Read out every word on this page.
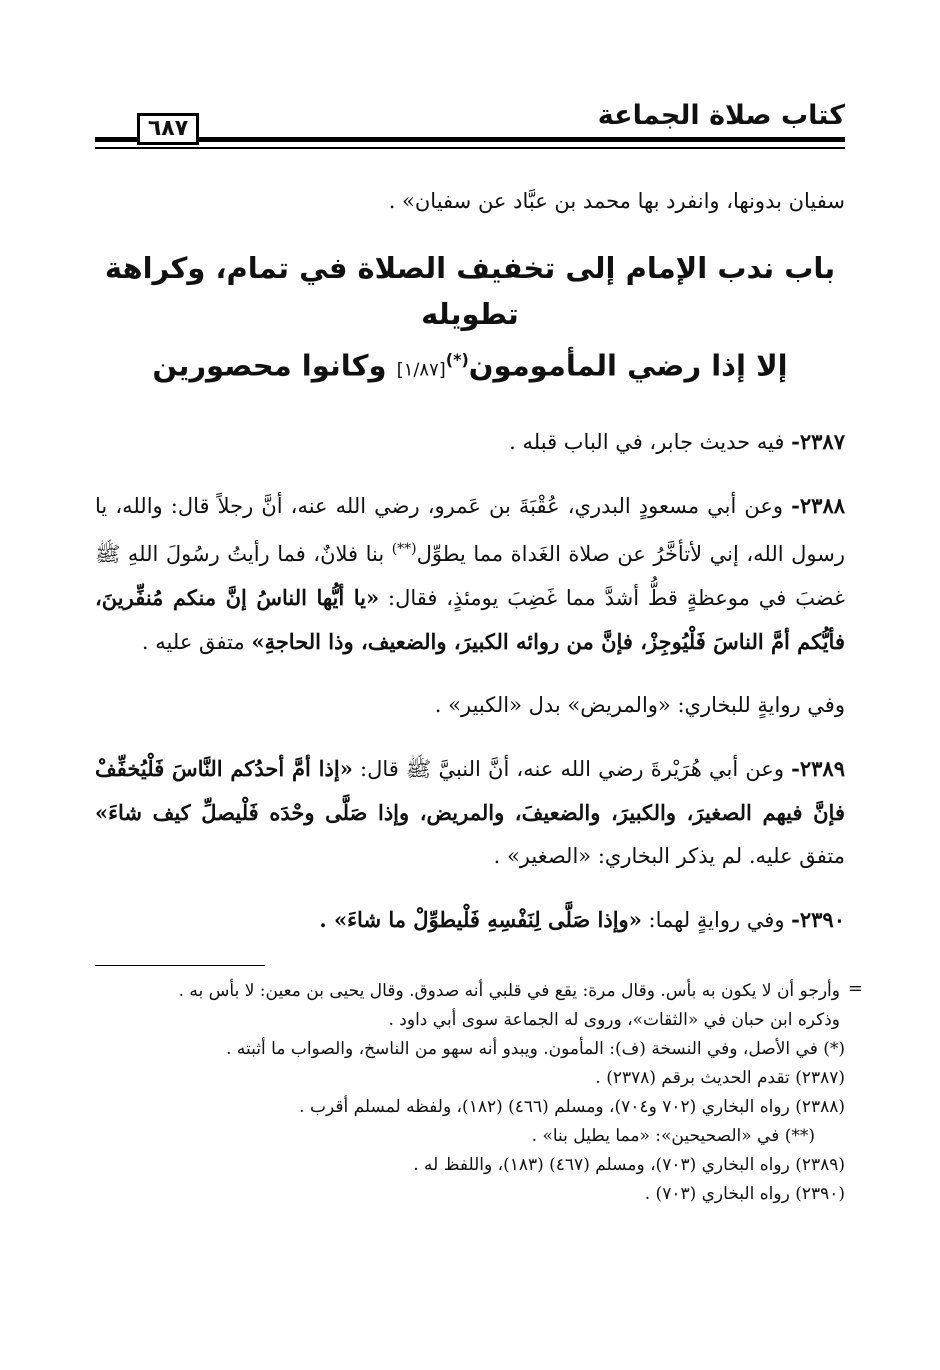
كتاب صلاة الجماعة
٦٨٧

سفيان بدونها، وانفرد بها محمد بن عبَّاد عن سفيان» .

باب ندب الإمام إلى تخفيف الصلاة في تمام، وكراهة تطويله
إلا إذا رضي المأمومون(*)[١/٨٧] وكانوا محصورين

٢٣٨٧- فيه حديث جابر، في الباب قبله .

٢٣٨٨- وعن أبي مسعودٍ البدري، عُقْبَةَ بن عَمرو، رضي الله عنه، أنَّ رجلاً قال: والله، يا رسول الله، إني لأتأخَّرُ عن صلاة الغَداة مما يطوِّل(**) بنا فلانٌ، فما رأيتُ رسُولَ اللهِ ﷺ غضبَ في موعظةٍ قطُّ أشدَّ مما غَضِبَ يومئذٍ، فقال: «يا أيُّها الناسُ إنَّ منكم مُنفِّرينَ، فأيُّكم أمَّ الناسَ فَلْيُوجِزْ، فإنَّ من روائه الكبيرَ، والضعيف، وذا الحاجةِ» متفق عليه .

وفي روايةٍ للبخاري: «والمريض» بدل «الكبير» .

٢٣٨٩- وعن أبي هُرَيْرةَ رضي الله عنه، أنَّ النبيَّ ﷺ قال: «إذا أمَّ أحدُكم النَّاسَ فَلْيُخفِّفْ فإنَّ فيهم الصغيرَ، والكبيرَ، والضعيفَ، والمريض، وإذا صَلَّى وحْدَه فَلْيصلِّ كيف شاءَ» متفق عليه. لم يذكر البخاري: «الصغير» .

٢٣٩٠- وفي روايةٍ لهما: «وإذا صَلَّى لِنَفْسِهِ فَلْيطوِّلْ ما شاءَ» .

=

وأرجو أن لا يكون به بأس. وقال مرة: يقع في قلبي أنه صدوق. وقال يحيى بن معين: لا بأس به .

وذكره ابن حبان في «الثقات»، وروى له الجماعة سوى أبي داود .

(*) في الأصل، وفي النسخة (ف): المأمون. ويبدو أنه سهو من الناسخ، والصواب ما أثبته .

(٢٣٨٧) تقدم الحديث برقم (٢٣٧٨) .

(٢٣٨٨) رواه البخاري (٧٠٢ و٧٠٤)، ومسلم (٤٦٦) (١٨٢)، ولفظه لمسلم أقرب .

(**) في «الصحيحين»: «مما يطيل بنا» .

(٢٣٨٩) رواه البخاري (٧٠٣)، ومسلم (٤٦٧) (١٨٣)، واللفظ له .

(٢٣٩٠) رواه البخاري (٧٠٣) .
